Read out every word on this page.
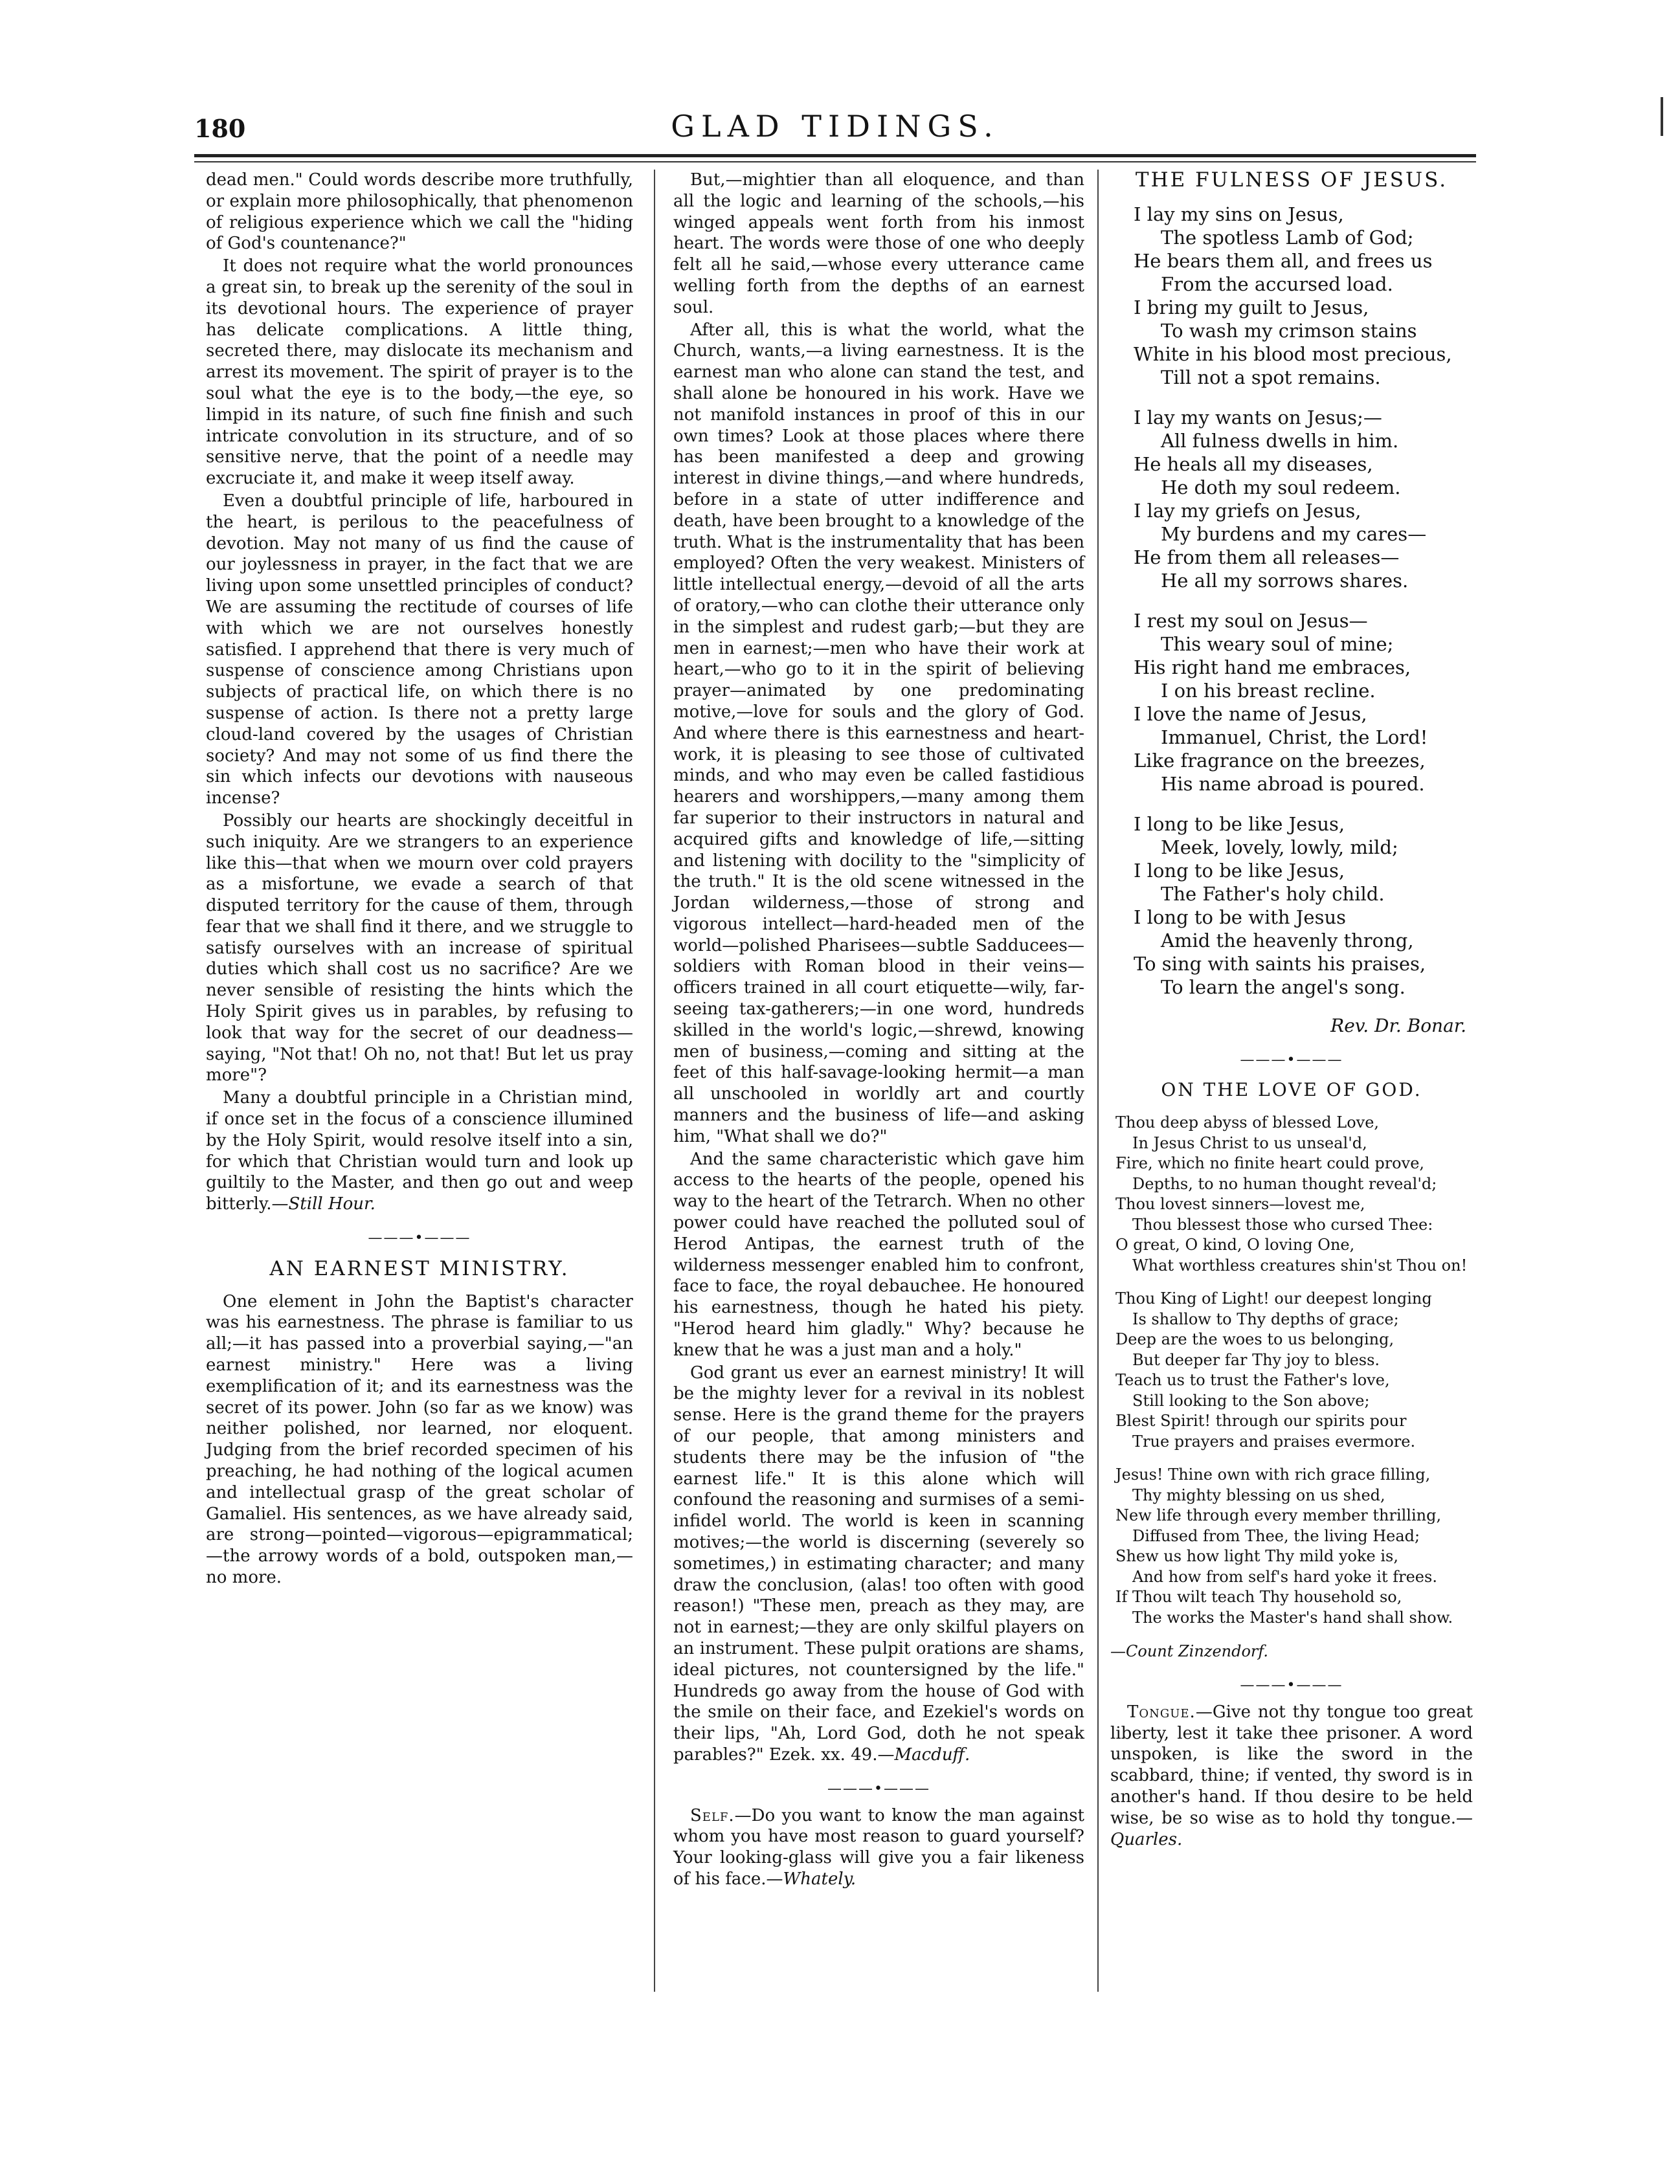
180	GLAD TIDINGS.

dead men." Could words describe more truthfully, or explain more philosophically, that phenomenon of religious experience which we call the "hiding of God's countenance?"

It does not require what the world pronounces a great sin, to break up the serenity of the soul in its devotional hours. The experience of prayer has delicate complications. A little thing, secreted there, may dislocate its mechanism and arrest its movement. The spirit of prayer is to the soul what the eye is to the body,—the eye, so limpid in its nature, of such fine finish and such intricate convolution in its structure, and of so sensitive nerve, that the point of a needle may excruciate it, and make it weep itself away.

Even a doubtful principle of life, harboured in the heart, is perilous to the peacefulness of devotion. May not many of us find the cause of our joylessness in prayer, in the fact that we are living upon some unsettled principles of conduct? We are assuming the rectitude of courses of life with which we are not ourselves honestly satisfied. I apprehend that there is very much of suspense of conscience among Christians upon subjects of practical life, on which there is no suspense of action. Is there not a pretty large cloud-land covered by the usages of Christian society? And may not some of us find there the sin which infects our devotions with nauseous incense?

Possibly our hearts are shockingly deceitful in such iniquity. Are we strangers to an experience like this—that when we mourn over cold prayers as a misfortune, we evade a search of that disputed territory for the cause of them, through fear that we shall find it there, and we struggle to satisfy ourselves with an increase of spiritual duties which shall cost us no sacrifice? Are we never sensible of resisting the hints which the Holy Spirit gives us in parables, by refusing to look that way for the secret of our deadness—saying, "Not that! Oh no, not that! But let us pray more"?

Many a doubtful principle in a Christian mind, if once set in the focus of a conscience illumined by the Holy Spirit, would resolve itself into a sin, for which that Christian would turn and look up guiltily to the Master, and then go out and weep bitterly.—Still Hour.

———•———
AN EARNEST MINISTRY.

One element in John the Baptist's character was his earnestness. The phrase is familiar to us all;—it has passed into a proverbial saying,—"an earnest ministry." Here was a living exemplification of it; and its earnestness was the secret of its power. John (so far as we know) was neither polished, nor learned, nor eloquent. Judging from the brief recorded specimen of his preaching, he had nothing of the logical acumen and intellectual grasp of the great scholar of Gamaliel. His sentences, as we have already said, are strong—pointed—vigorous—epigrammatical;—the arrowy words of a bold, outspoken man,—no more.

But,—mightier than all eloquence, and than all the logic and learning of the schools,—his winged appeals went forth from his inmost heart. The words were those of one who deeply felt all he said,—whose every utterance came welling forth from the depths of an earnest soul.

After all, this is what the world, what the Church, wants,—a living earnestness. It is the earnest man who alone can stand the test, and shall alone be honoured in his work. Have we not manifold instances in proof of this in our own times? Look at those places where there has been manifested a deep and growing interest in divine things,—and where hundreds, before in a state of utter indifference and death, have been brought to a knowledge of the truth. What is the instrumentality that has been employed? Often the very weakest. Ministers of little intellectual energy,—devoid of all the arts of oratory,—who can clothe their utterance only in the simplest and rudest garb;—but they are men in earnest;—men who have their work at heart,—who go to it in the spirit of believing prayer—animated by one predominating motive,—love for souls and the glory of God. And where there is this earnestness and heart-work, it is pleasing to see those of cultivated minds, and who may even be called fastidious hearers and worshippers,—many among them far superior to their instructors in natural and acquired gifts and knowledge of life,—sitting and listening with docility to the "simplicity of the truth." It is the old scene witnessed in the Jordan wilderness,—those of strong and vigorous intellect—hard-headed men of the world—polished Pharisees—subtle Sadducees—soldiers with Roman blood in their veins—officers trained in all court etiquette—wily, far-seeing tax-gatherers;—in one word, hundreds skilled in the world's logic,—shrewd, knowing men of business,—coming and sitting at the feet of this half-savage-looking hermit—a man all unschooled in worldly art and courtly manners and the business of life—and asking him, "What shall we do?"

And the same characteristic which gave him access to the hearts of the people, opened his way to the heart of the Tetrarch. When no other power could have reached the polluted soul of Herod Antipas, the earnest truth of the wilderness messenger enabled him to confront, face to face, the royal debauchee. He honoured his earnestness, though he hated his piety. "Herod heard him gladly." Why? because he knew that he was a just man and a holy."

God grant us ever an earnest ministry! It will be the mighty lever for a revival in its noblest sense. Here is the grand theme for the prayers of our people, that among ministers and students there may be the infusion of "the earnest life." It is this alone which will confound the reasoning and surmises of a semi-infidel world. The world is keen in scanning motives;—the world is discerning (severely so sometimes,) in estimating character; and many draw the conclusion, (alas! too often with good reason!) "These men, preach as they may, are not in earnest;—they are only skilful players on an instrument. These pulpit orations are shams, ideal pictures, not countersigned by the life." Hundreds go away from the house of God with the smile on their face, and Ezekiel's words on their lips, "Ah, Lord God, doth he not speak parables?" Ezek. xx. 49.—Macduff.

———•———

Self.—Do you want to know the man against whom you have most reason to guard yourself? Your looking-glass will give you a fair likeness of his face.—Whately.

THE FULNESS OF JESUS.
I lay my sins on Jesus,
The spotless Lamb of God;
He bears them all, and frees us
From the accursed load.
I bring my guilt to Jesus,
To wash my crimson stains
White in his blood most precious,
Till not a spot remains.
I lay my wants on Jesus;—
All fulness dwells in him.
He heals all my diseases,
He doth my soul redeem.
I lay my griefs on Jesus,
My burdens and my cares—
He from them all releases—
He all my sorrows shares.
I rest my soul on Jesus—
This weary soul of mine;
His right hand me embraces,
I on his breast recline.
I love the name of Jesus,
Immanuel, Christ, the Lord!
Like fragrance on the breezes,
His name abroad is poured.
I long to be like Jesus,
Meek, lovely, lowly, mild;
I long to be like Jesus,
The Father's holy child.
I long to be with Jesus
Amid the heavenly throng,
To sing with saints his praises,
To learn the angel's song.
Rev. Dr. Bonar.
———•———
ON THE LOVE OF GOD.
Thou deep abyss of blessed Love,
In Jesus Christ to us unseal'd,
Fire, which no finite heart could prove,
Depths, to no human thought reveal'd;
Thou lovest sinners—lovest me,
Thou blessest those who cursed Thee:
O great, O kind, O loving One,
What worthless creatures shin'st Thou on!
Thou King of Light! our deepest longing
Is shallow to Thy depths of grace;
Deep are the woes to us belonging,
But deeper far Thy joy to bless.
Teach us to trust the Father's love,
Still looking to the Son above;
Blest Spirit! through our spirits pour
True prayers and praises evermore.
Jesus! Thine own with rich grace filling,
Thy mighty blessing on us shed,
New life through every member thrilling,
Diffused from Thee, the living Head;
Shew us how light Thy mild yoke is,
And how from self's hard yoke it frees.
If Thou wilt teach Thy household so,
The works the Master's hand shall show.
—Count Zinzendorf.
———•———

Tongue.—Give not thy tongue too great liberty, lest it take thee prisoner. A word unspoken, is like the sword in the scabbard, thine; if vented, thy sword is in another's hand. If thou desire to be held wise, be so wise as to hold thy tongue.—Quarles.
